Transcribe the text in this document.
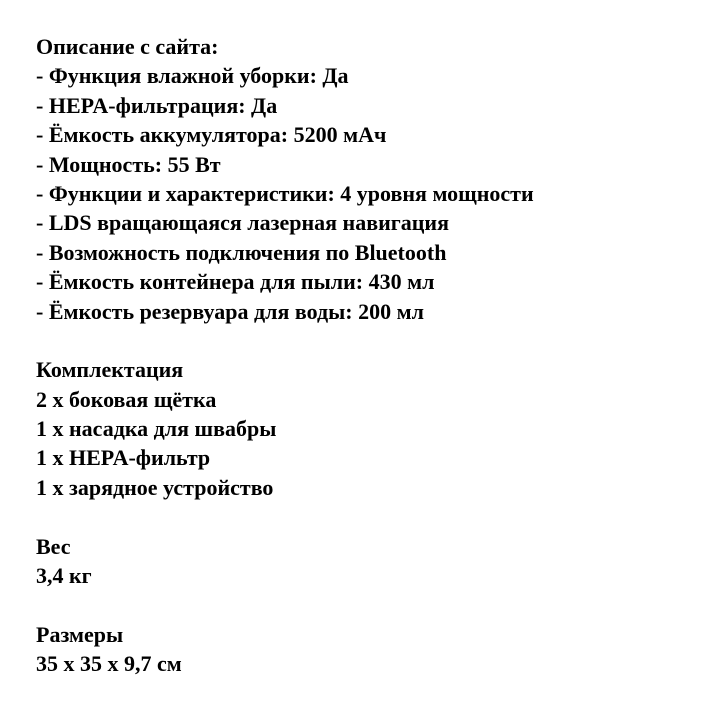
Описание с сайта:
- Функция влажной уборки: Да
- HEPA-фильтрация: Да
- Ёмкость аккумулятора: 5200 мАч
- Мощность: 55 Вт
- Функции и характеристики: 4 уровня мощности
- LDS вращающаяся лазерная навигация
- Возможность подключения по Bluetooth
- Ёмкость контейнера для пыли: 430 мл
- Ёмкость резервуара для воды: 200 мл
Комплектация
2 х боковая щётка
1 х насадка для швабры
1 х HEPA-фильтр
1 х зарядное устройство
Вес
3,4 кг
Размеры
35 х 35 х 9,7 см
